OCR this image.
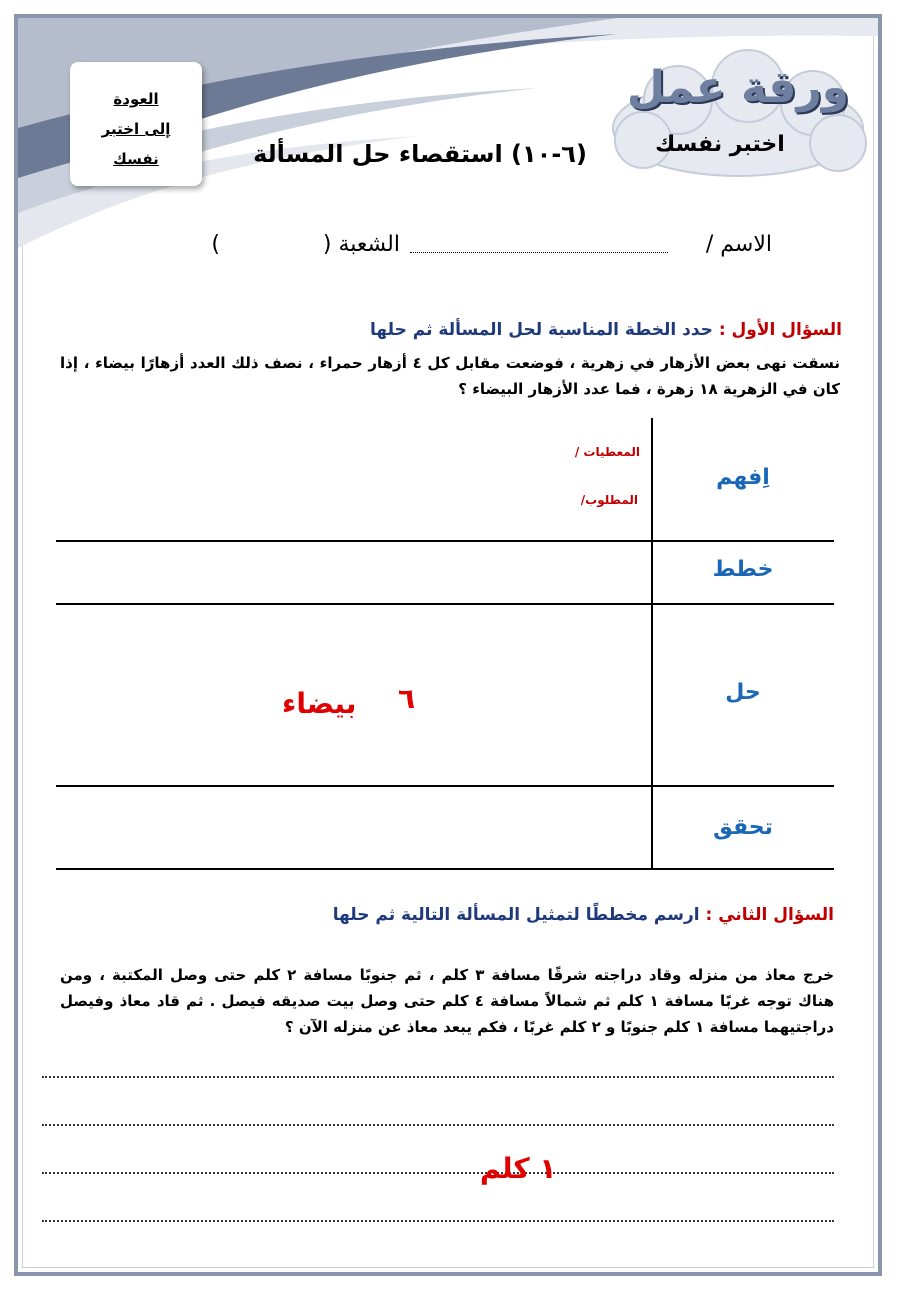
العودة
إلى اختبر
نفسك
ورقة عمل
اختبر نفسك
(٦-١٠) استقصاء حل المسألة
الاسم /
الشعبة (
)
السؤال الأول : حدد الخطة المناسبة لحل المسألة ثم حلها
نسقت نهى بعض الأزهار في زهرية ، فوضعت مقابل كل ٤ أزهار حمراء ، نصف ذلك العدد أزهارًا بيضاء ، إذا كان في الزهرية ١٨ زهرة ، فما عدد الأزهار البيضاء ؟
اِفهم
خطط
حل
تحقق
المعطيات /
المطلوب/
٦
بيضاء
السؤال الثاني : ارسم مخططًا لتمثيل المسألة التالية ثم حلها
خرج معاذ من منزله وقاد دراجته شرقًا مسافة ٣ كلم ، ثم جنوبًا مسافة ٢ كلم حتى وصل المكتبة ، ومن هناك توجه غربًا مسافة ١ كلم ثم شمالاً مسافة ٤ كلم حتى وصل بيت صديقه فيصل . ثم قاد معاذ وفيصل دراجتيهما مسافة ١ كلم جنوبًا و ٢ كلم غربًا ، فكم يبعد معاذ عن منزله الآن ؟
١ كلم
